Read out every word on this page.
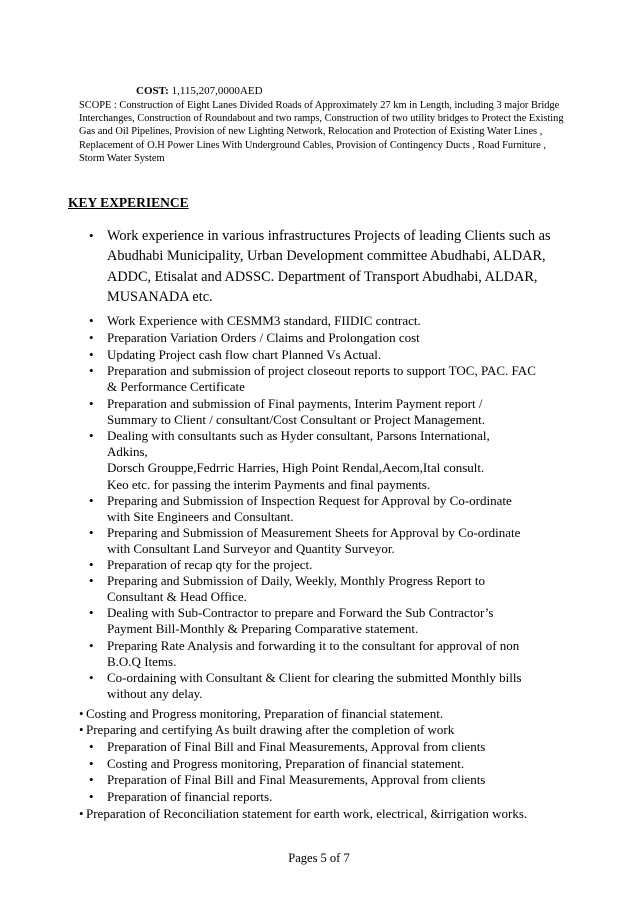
COST: 1,115,207,0000AED
SCOPE : Construction of Eight Lanes Divided Roads of Approximately 27 km in Length, including 3 major Bridge
Interchanges, Construction of Roundabout and two ramps, Construction of two utility bridges to Protect the Existing
Gas and Oil Pipelines, Provision of new Lighting Network, Relocation and Protection of Existing Water Lines ,
Replacement of O.H Power Lines With Underground Cables, Provision of Contingency Ducts , Road Furniture ,
Storm Water System
KEY EXPERIENCE
• Work experience in various infrastructures Projects of leading Clients such as
Abudhabi Municipality, Urban Development committee Abudhabi, ALDAR,
ADDC, Etisalat and ADSSC. Department of Transport Abudhabi, ALDAR,
MUSANADA etc.
• Work Experience with CESMM3 standard, FIIDIC contract.
• Preparation Variation Orders / Claims and Prolongation cost
• Updating Project cash flow chart Planned Vs Actual.
• Preparation and submission of project closeout reports to support TOC, PAC. FAC
& Performance Certificate
• Preparation and submission of Final payments, Interim Payment report /
Summary to Client / consultant/Cost Consultant or Project Management.
• Dealing with consultants such as Hyder consultant, Parsons International,
Adkins,
Dorsch Grouppe,Fedrric Harries, High Point Rendal,Aecom,Ital consult.
Keo etc. for passing the interim Payments and final payments.
• Preparing and Submission of Inspection Request for Approval by Co-ordinate
with Site Engineers and Consultant.
• Preparing and Submission of Measurement Sheets for Approval by Co-ordinate
with Consultant Land Surveyor and Quantity Surveyor.
• Preparation of recap qty for the project.
• Preparing and Submission of Daily, Weekly, Monthly Progress Report to
Consultant & Head Office.
• Dealing with Sub-Contractor to prepare and Forward the Sub Contractor’s
Payment Bill-Monthly & Preparing Comparative statement.
• Preparing Rate Analysis and forwarding it to the consultant for approval of non
B.O.Q Items.
• Co-ordaining with Consultant & Client for clearing the submitted Monthly bills
without any delay.
• Costing and Progress monitoring, Preparation of financial statement.
• Preparing and certifying As built drawing after the completion of work
• Preparation of Final Bill and Final Measurements, Approval from clients
• Costing and Progress monitoring, Preparation of financial statement.
• Preparation of Final Bill and Final Measurements, Approval from clients
• Preparation of financial reports.
• Preparation of Reconciliation statement for earth work, electrical, &irrigation works.
Pages 5 of 7
